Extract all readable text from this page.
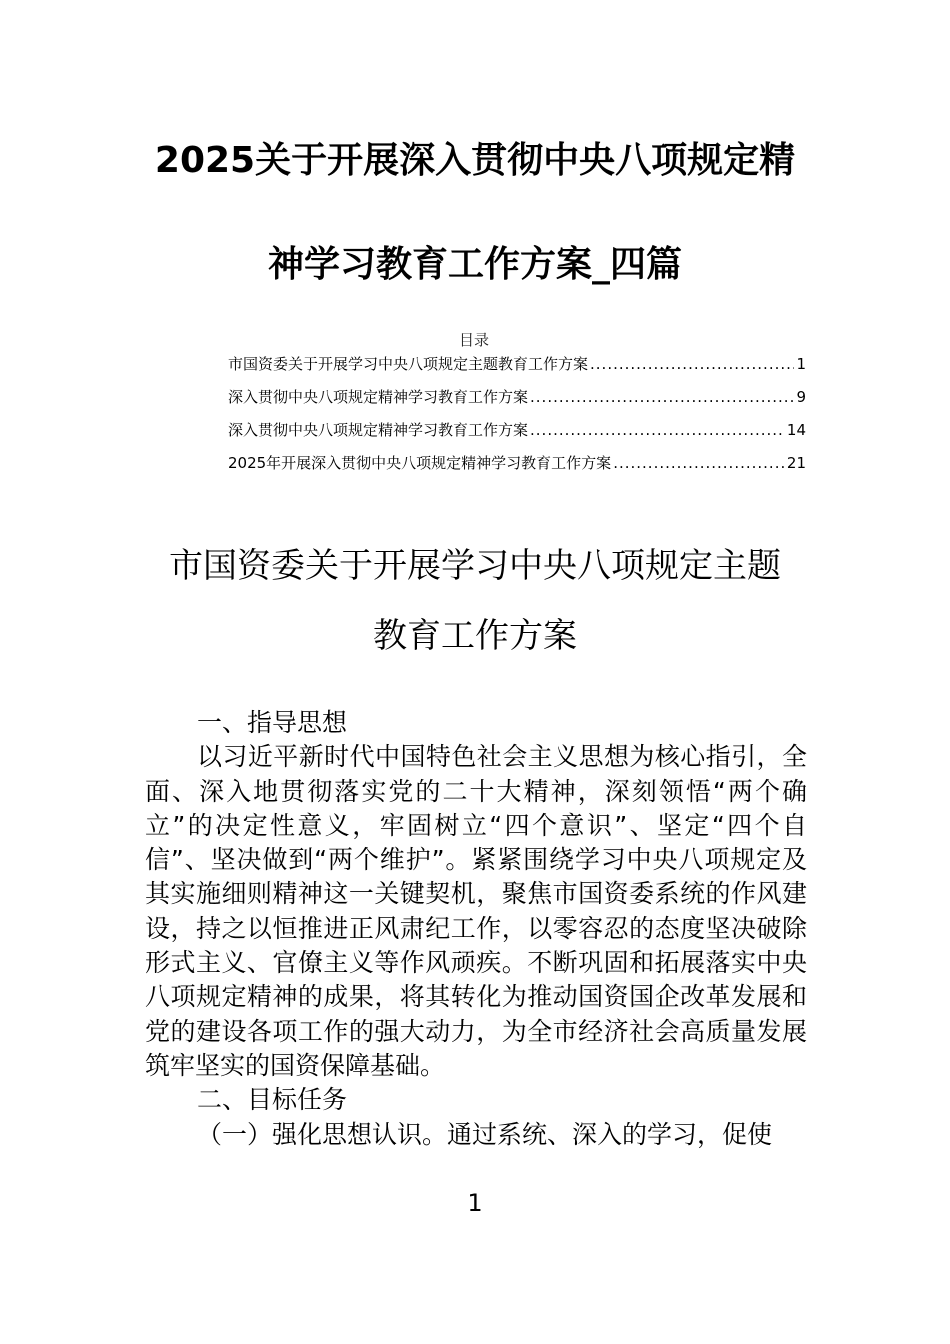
2025关于开展深入贯彻中央八项规定精
神学习教育工作方案_四篇
目录
市国资委关于开展学习中央八项规定主题教育工作方案 .....	1
深入贯彻中央八项规定精神学习教育工作方案 .....	9
深入贯彻中央八项规定精神学习教育工作方案 .....	14
2025年开展深入贯彻中央八项规定精神学习教育工作方案 .....	21
市国资委关于开展学习中央八项规定主题
教育工作方案

一、指导思想

以习近平新时代中国特色社会主义思想为核心指引，全面、深入地贯彻落实党的二十大精神，深刻领悟“两个确立”的决定性意义，牢固树立“四个意识”、坚定“四个自信”、坚决做到“两个维护”。紧紧围绕学习中央八项规定及其实施细则精神这一关键契机，聚焦市国资委系统的作风建设，持之以恒推进正风肃纪工作，以零容忍的态度坚决破除形式主义、官僚主义等作风顽疾。不断巩固和拓展落实中央八项规定精神的成果，将其转化为推动国资国企改革发展和党的建设各项工作的强大动力，为全市经济社会高质量发展筑牢坚实的国资保障基础。

二、目标任务

（一）强化思想认识。通过系统、深入的学习，促使

1
